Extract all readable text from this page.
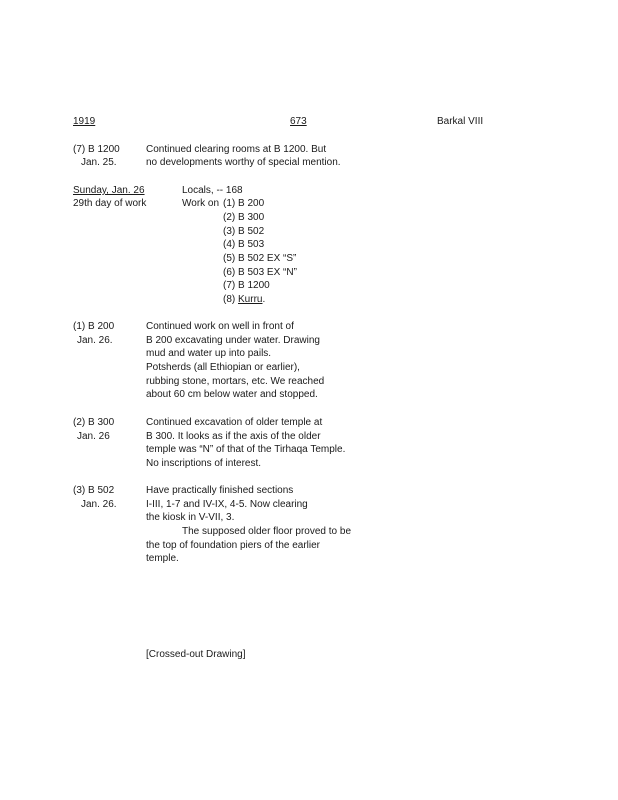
1919	673	Barkal VIII
(7) B 1200
Jan. 25.
Continued clearing rooms at B 1200. But
no developments worthy of special mention.
Sunday, Jan. 26
29th day of work
Locals, -- 168
Work on (1) B 200
(2) B 300
(3) B 502
(4) B 503
(5) B 502 EX “S”
(6) B 503 EX “N”
(7) B 1200
(8) Kurru.
(1) B 200
Jan. 26.
Continued work on well in front of
B 200 excavating under water. Drawing
mud and water up into pails.
Potsherds (all Ethiopian or earlier),
rubbing stone, mortars, etc. We reached
about 60 cm below water and stopped.
(2) B 300
Jan. 26
Continued excavation of older temple at
B 300. It looks as if the axis of the older
temple was “N” of that of the Tirhaqa Temple.
No inscriptions of interest.
(3) B 502
Jan. 26.
Have practically finished sections
I-III, 1-7 and IV-IX, 4-5. Now clearing
the kiosk in V-VII, 3.
The supposed older floor proved to be
the top of foundation piers of the earlier
temple.
[Crossed-out Drawing]
